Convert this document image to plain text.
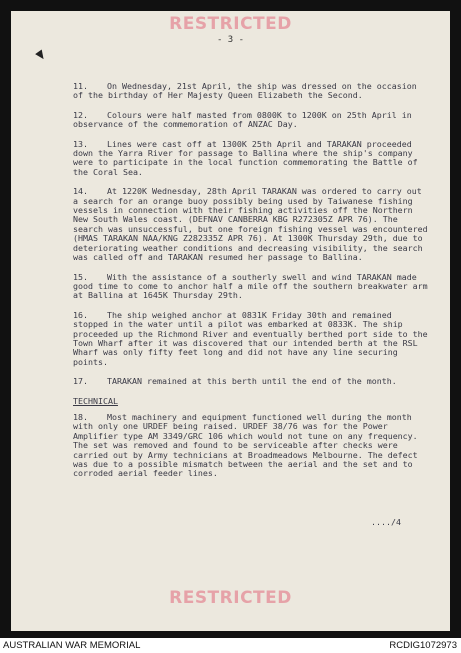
RESTRICTED
- 3 -

11. On Wednesday, 21st April, the ship was dressed on the occasion of the birthday of Her Majesty Queen Elizabeth the Second.

12. Colours were half masted from 0800K to 1200K on 25th April in observance of the commemoration of ANZAC Day.

13. Lines were cast off at 1300K 25th April and TARAKAN proceeded down the Yarra River for passage to Ballina where the ship's company were to participate in the local function commemorating the Battle of the Coral Sea.

14. At 1220K Wednesday, 28th April TARAKAN was ordered to carry out a search for an orange buoy possibly being used by Taiwanese fishing vessels in connection with their fishing activities off the Northern New South Wales coast. (DEFNAV CANBERRA KBG R272305Z APR 76). The search was unsuccessful, but one foreign fishing vessel was encountered (HMAS TARAKAN NAA/KNG Z282335Z APR 76). At 1300K Thursday 29th, due to deteriorating weather conditions and decreasing visibility, the search was called off and TARAKAN resumed her passage to Ballina.

15. With the assistance of a southerly swell and wind TARAKAN made good time to come to anchor half a mile off the southern breakwater arm at Ballina at 1645K Thursday 29th.

16. The ship weighed anchor at 0831K Friday 30th and remained stopped in the water until a pilot was embarked at 0833K. The ship proceeded up the Richmond River and eventually berthed port side to the Town Wharf after it was discovered that our intended berth at the RSL Wharf was only fifty feet long and did not have any line securing points.

17. TARAKAN remained at this berth until the end of the month.

TECHNICAL

18. Most machinery and equipment functioned well during the month with only one URDEF being raised. URDEF 38/76 was for the Power Amplifier type AM 3349/GRC 106 which would not tune on any frequency. The set was removed and found to be serviceable after checks were carried out by Army technicians at Broadmeadows Melbourne. The defect was due to a possible mismatch between the aerial and the set and to corroded aerial feeder lines.

..../4
RESTRICTED
AUSTRALIAN WAR MEMORIAL	RCDIG1072973
